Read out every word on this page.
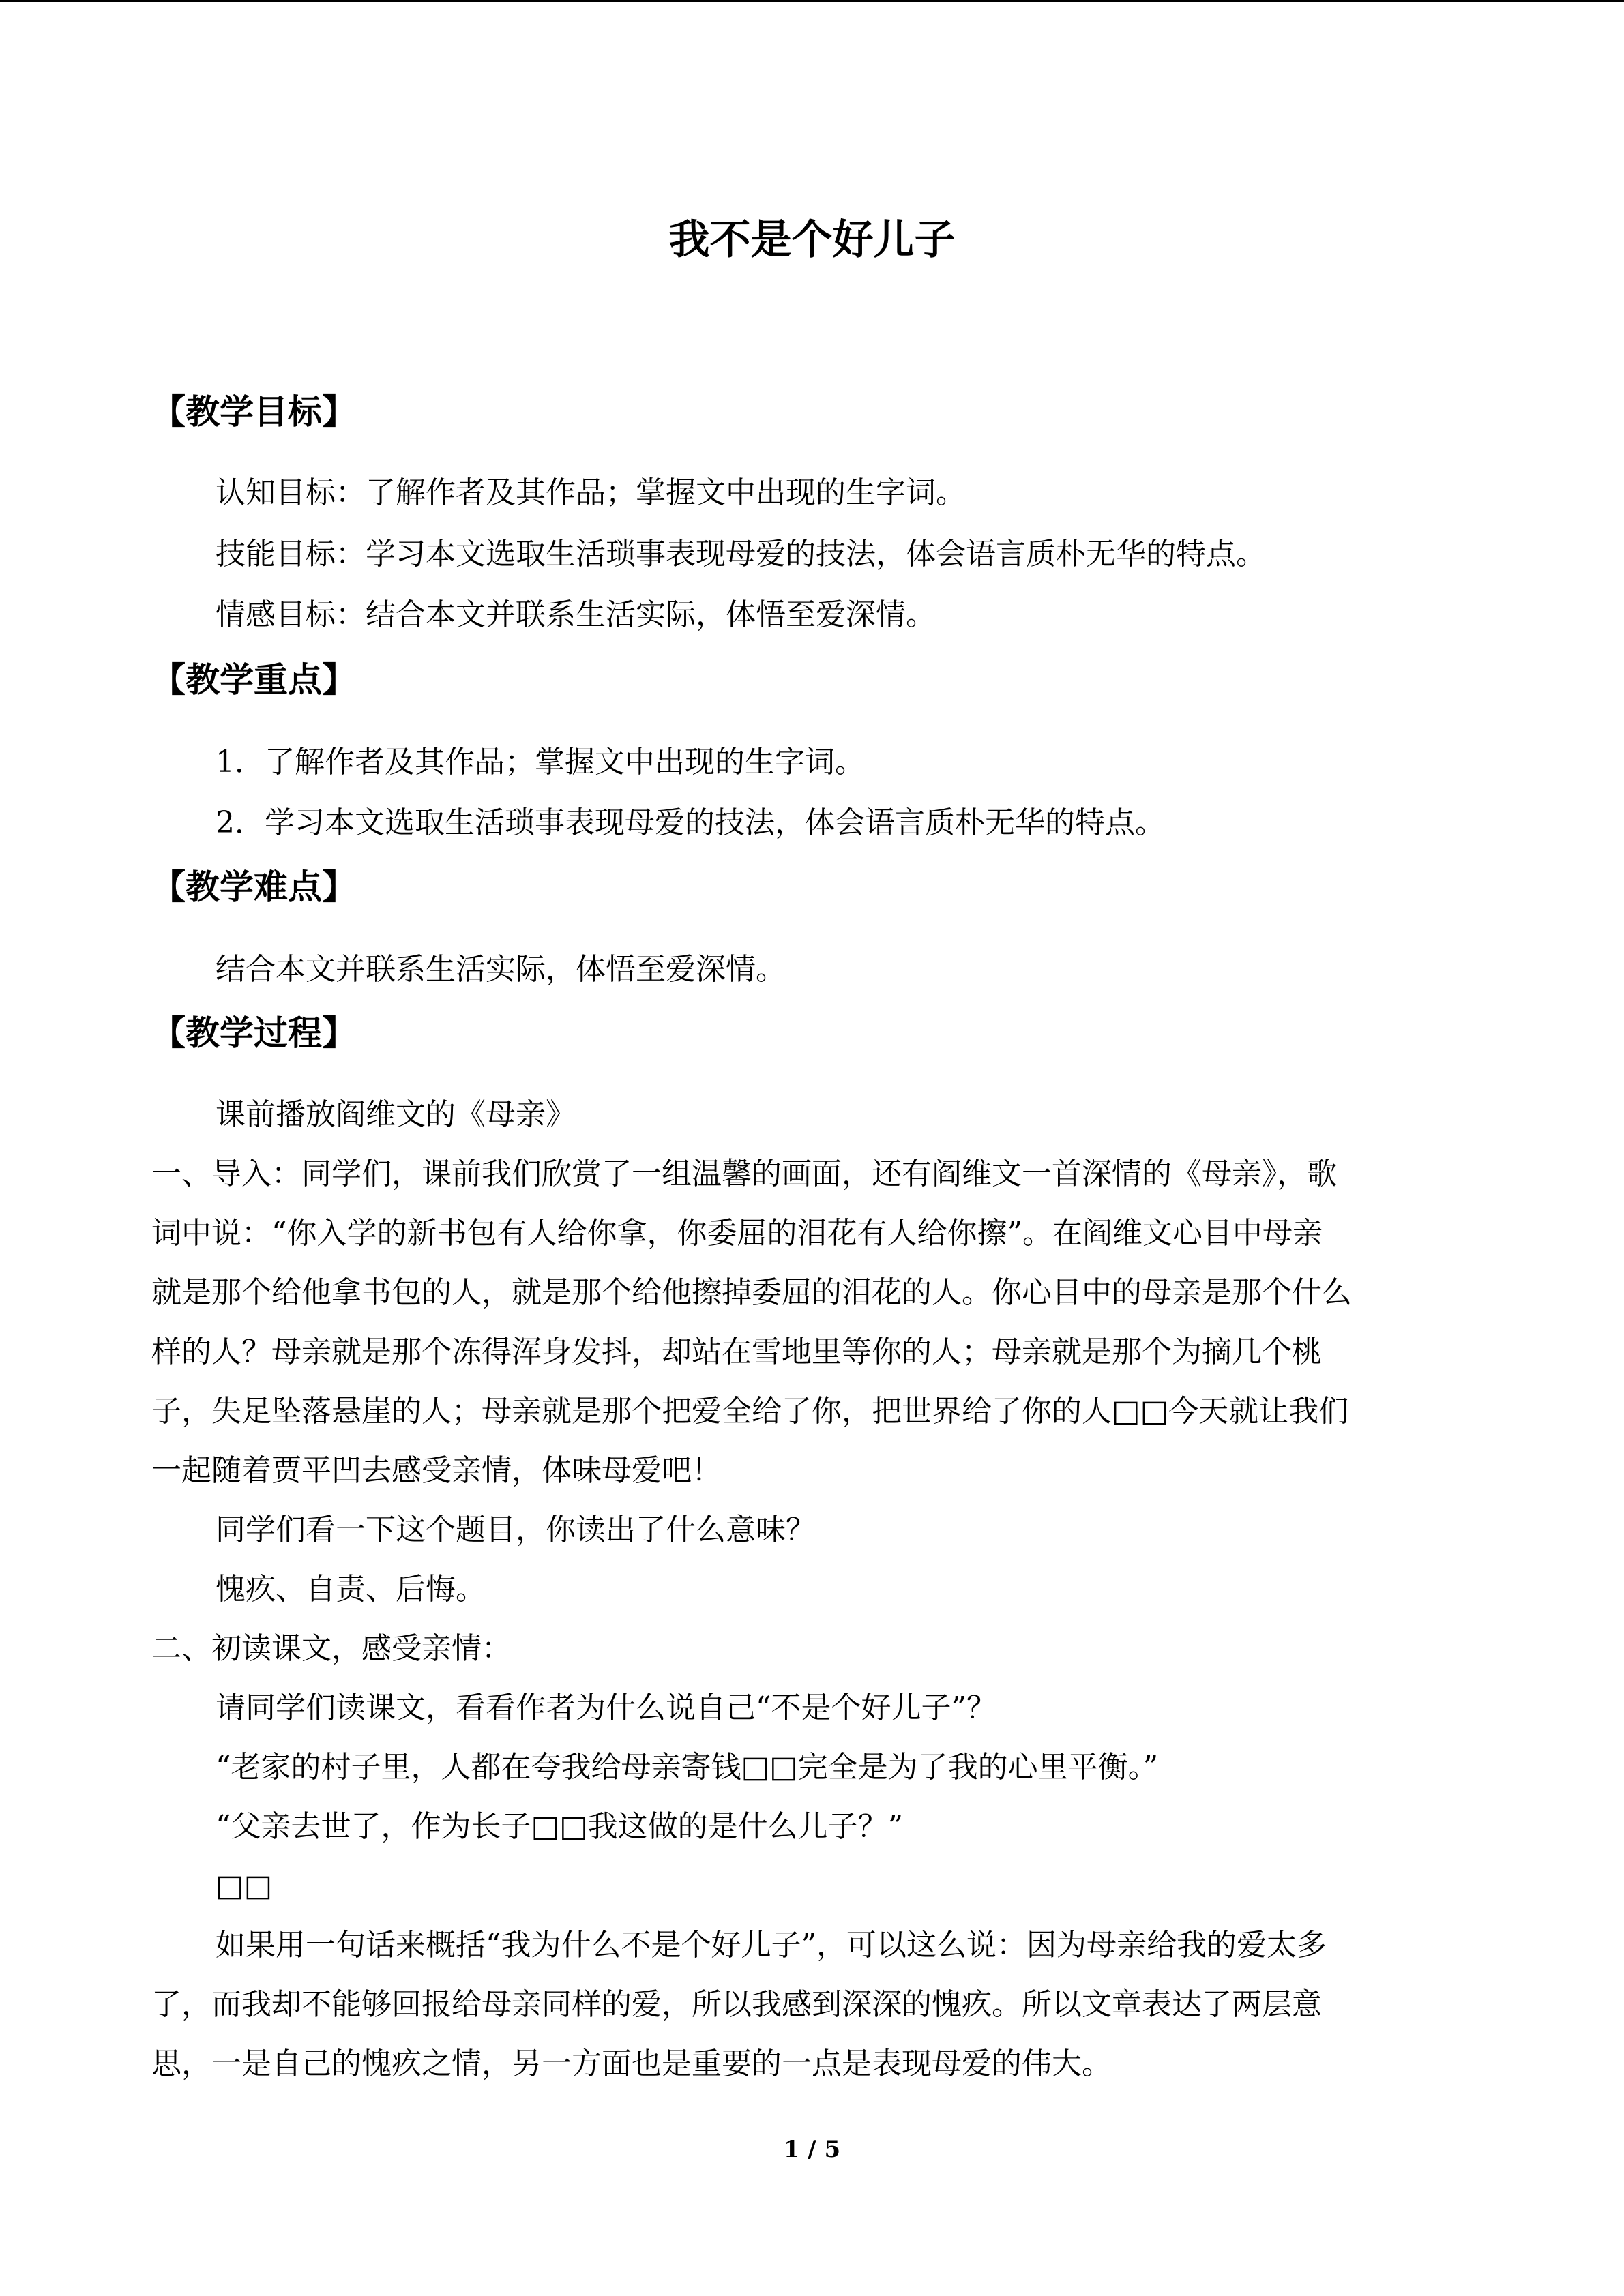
我不是个好儿子
【教学目标】
认知目标：了解作者及其作品；掌握文中出现的生字词。
技能目标：学习本文选取生活琐事表现母爱的技法，体会语言质朴无华的特点。
情感目标：结合本文并联系生活实际，体悟至爱深情。
【教学重点】
1．了解作者及其作品；掌握文中出现的生字词。
2．学习本文选取生活琐事表现母爱的技法，体会语言质朴无华的特点。
【教学难点】
结合本文并联系生活实际，体悟至爱深情。
【教学过程】
课前播放阎维文的《母亲》
一、导入：同学们，课前我们欣赏了一组温馨的画面，还有阎维文一首深情的《母亲》，歌
词中说：“你入学的新书包有人给你拿，你委屈的泪花有人给你擦”。在阎维文心目中母亲
就是那个给他拿书包的人，就是那个给他擦掉委屈的泪花的人。你心目中的母亲是那个什么
样的人？母亲就是那个冻得浑身发抖，却站在雪地里等你的人；母亲就是那个为摘几个桃
子，失足坠落悬崖的人；母亲就是那个把爱全给了你，把世界给了你的人□□今天就让我们
一起随着贾平凹去感受亲情，体味母爱吧！
同学们看一下这个题目，你读出了什么意味？
愧疚、自责、后悔。
二、初读课文，感受亲情：
请同学们读课文，看看作者为什么说自己“不是个好儿子”？
“老家的村子里，人都在夸我给母亲寄钱□□完全是为了我的心里平衡。”
“父亲去世了，作为长子□□我这做的是什么儿子？”
□□
如果用一句话来概括“我为什么不是个好儿子”，可以这么说：因为母亲给我的爱太多
了，而我却不能够回报给母亲同样的爱，所以我感到深深的愧疚。所以文章表达了两层意
思，一是自己的愧疚之情，另一方面也是重要的一点是表现母爱的伟大。
1 / 5
